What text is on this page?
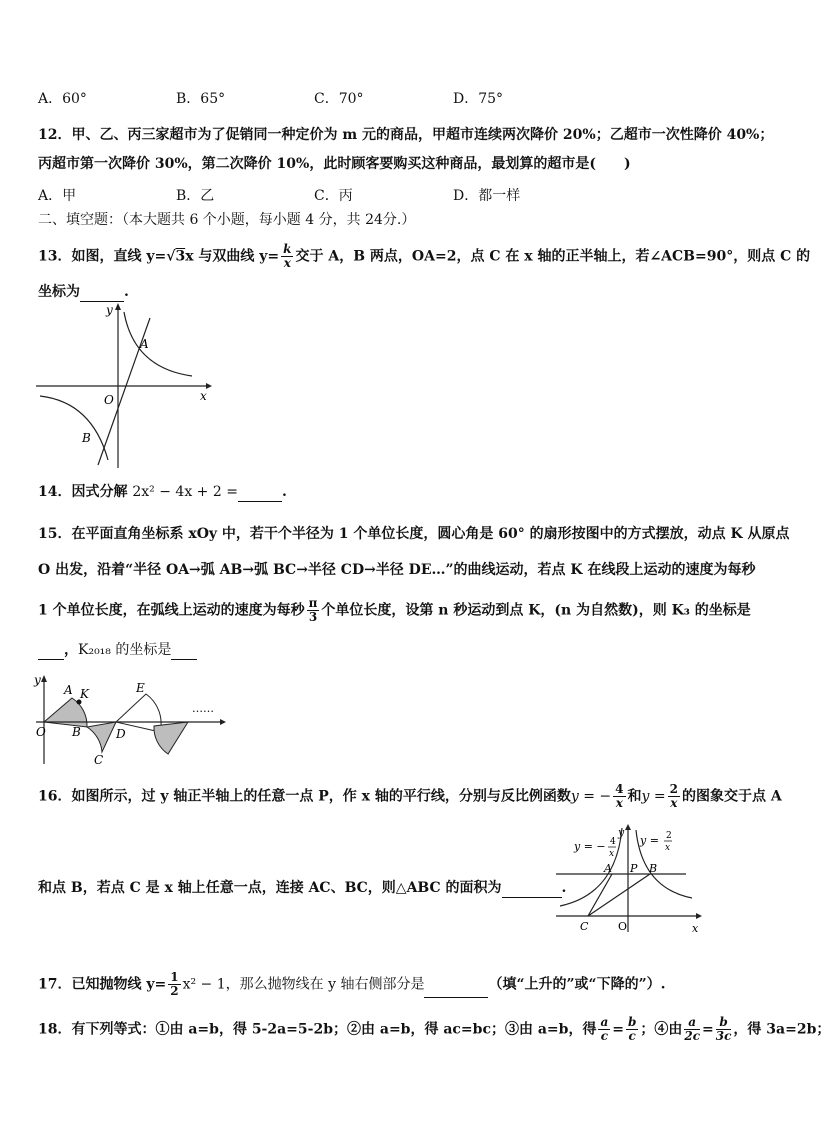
A．60°	B．65°	C．70°	D．75°
12．甲、乙、丙三家超市为了促销同一种定价为 m 元的商品，甲超市连续两次降价 20%；乙超市一次性降价 40%；
丙超市第一次降价 30%，第二次降价 10%，此时顾客要购买这种商品，最划算的超市是(　　)
A．甲	B．乙	C．丙	D．都一样
二、填空题：（本大题共 6 个小题，每小题 4 分，共 24分.）
13．如图，直线 y=√3x 与双曲线 $y= \frac{k}{x}$ 交于 A，B 两点，OA=2，点 C 在 x 轴的正半轴上，若∠ACB=90°，则点 C 的
坐标为	.
y
x
O
A
B
14．因式分解 2x² − 4x + 2 =	.
15．在平面直角坐标系 xOy 中，若干个半径为 1 个单位长度，圆心角是 60° 的扇形按图中的方式摆放，动点 K 从原点
O 出发，沿着“半径 OA→弧 AB→弧 BC→半径 CD→半径 DE…”的曲线运动，若点 K 在线段上运动的速度为每秒
1 个单位长度，在弧线上运动的速度为每秒 $\frac{\pi}{3}$ 个单位长度，设第 n 秒运动到点 K，(n 为自然数)，则 K₃ 的坐标是
，K₂₀₁₈ 的坐标是
y
O
A K
B
C
D
E
……
16．如图所示，过 y 轴正半轴上的任意一点 P，作 x 轴的平行线，分别与反比例函数y = − $\frac{4}{x}$ 和$y = \frac{2}{x}$ 的图象交于点 A
和点 B，若点 C 是 x 轴上任意一点，连接 AC、BC，则△ABC 的面积为	.
y = − 4
x
y = 2
x
y
A P B
C	O	x
17．已知抛物线 $y= \frac{1}{2} x^2 - 1$，那么抛物线在 y 轴右侧部分是	（填“上升的”或“下降的”）.
18．有下列等式：①由 a=b，得 5-2a=5-2b；②由 a=b，得 ac=bc；③由 a=b，得 $\frac{a}{c} = \frac{b}{c}$ ；④由 $\frac{a}{2c} = \frac{b}{3c}$ ，得 3a=2b；
